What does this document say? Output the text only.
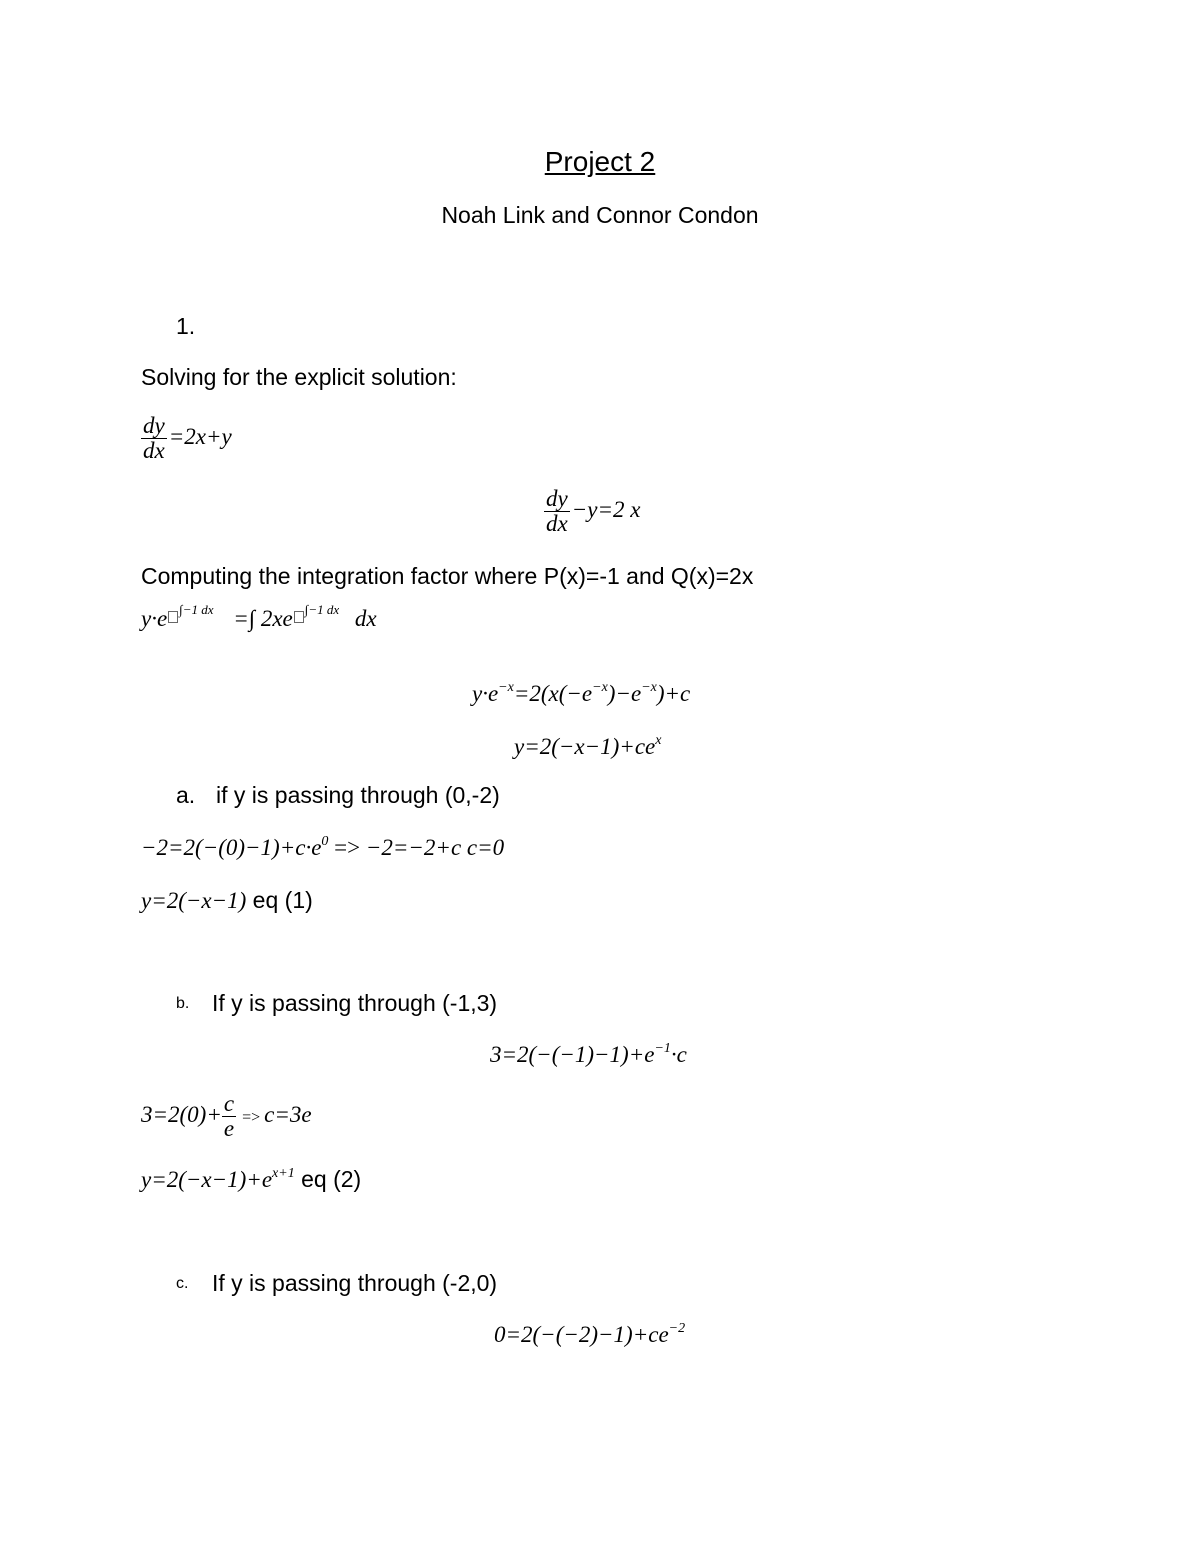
Project 2
Noah Link and Connor Condon
1.
Solving for the explicit solution:
$\frac{dy}{dx} =2x+y$
$\frac{dy}{dx} -y=2$ x
Computing the integration factor where P(x)=-1 and Q(x)=2x
y·e $^{\int-1 dx}$ =∫ 2xe $^{\int-1 dx}$ dx
$y\cdot e^{-x}=2(x(-e^{-x})-e^{-x})+c$
$y=2(-x-1)+ce^x$
a. if y is passing through (0,-2)
$-2=2(-(0)-1)+c\cdot e^0 => -2=-2+c$ c=0
y=2(−x−1) eq (1)
b. If y is passing through (-1,3)
$3=2(-(-1)-1)+e^{-1}\cdot c$
$3=2(0)+ \frac{c}{e} => c=3e$
$y=2(-x-1)+e^{x+1}$ eq (2)
c. If y is passing through (-2,0)
$0=2(-(-2)-1)+ce^{-2}$
